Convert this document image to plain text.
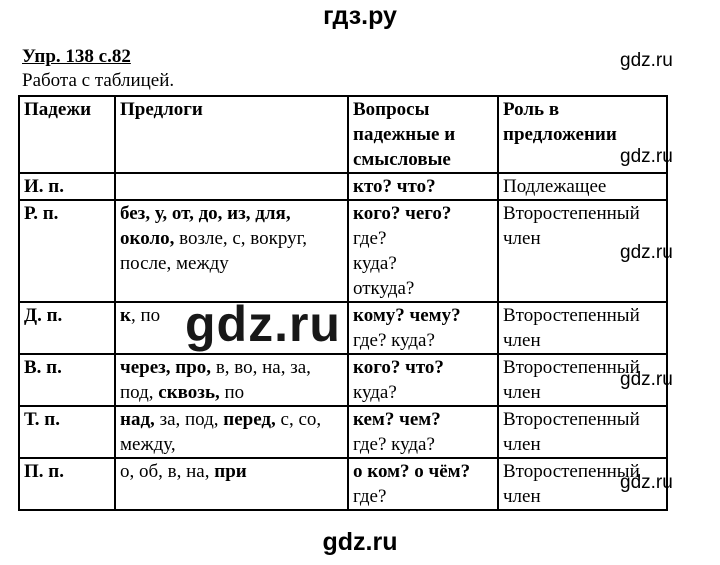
гдз.ру
Упр. 138 с.82
Работа с таблицей.
gdz.ru
Падежи	Предлоги	Вопросы падежные и смысловые	Роль в предложении
И. п.		кто? что?	Подлежащее
Р. п.	без, у, от, до, из, для, около, возле, с, вокруг, после, между	кого? чего?
где?
куда?
откуда?	Второстепенный член
Д. п.	к, по	кому? чему?
где? куда?	Второстепенный член
В. п.	через, про, в, во, на, за, под, сквозь, по	кого? что?
куда?	Второстепенный член
Т. п.	над, за, под, перед, с, со, между,	кем? чем?
где? куда?	Второстепенный член
П. п.	о, об, в, на, при	о ком? о чём?
где?	Второстепенный член
gdz.ru
gdz.ru
gdz.ru
gdz.ru
gdz.ru
gdz.ru
